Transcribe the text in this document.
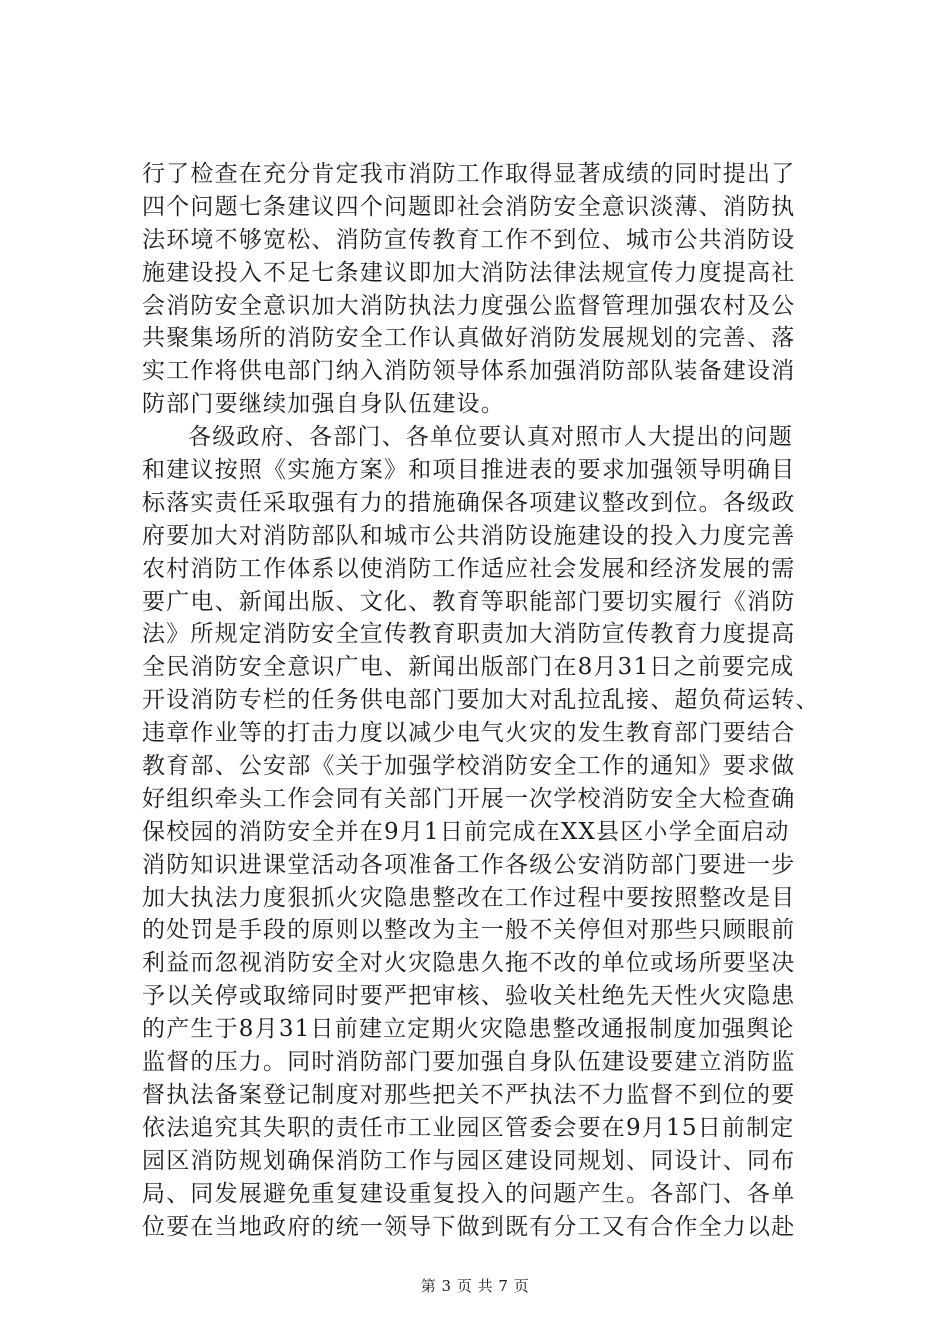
行了检查在充分肯定我市消防工作取得显著成绩的同时提出了
四个问题七条建议四个问题即社会消防安全意识淡薄、消防执
法环境不够宽松、消防宣传教育工作不到位、城市公共消防设
施建设投入不足七条建议即加大消防法律法规宣传力度提高社
会消防安全意识加大消防执法力度强公监督管理加强农村及公
共聚集场所的消防安全工作认真做好消防发展规划的完善、落
实工作将供电部门纳入消防领导体系加强消防部队装备建设消
防部门要继续加强自身队伍建设。
各级政府、各部门、各单位要认真对照市人大提出的问题
和建议按照《实施方案》和项目推进表的要求加强领导明确目
标落实责任采取强有力的措施确保各项建议整改到位。各级政
府要加大对消防部队和城市公共消防设施建设的投入力度完善
农村消防工作体系以使消防工作适应社会发展和经济发展的需
要广电、新闻出版、文化、教育等职能部门要切实履行《消防
法》所规定消防安全宣传教育职责加大消防宣传教育力度提高
全民消防安全意识广电、新闻出版部门在8月31日之前要完成
开设消防专栏的任务供电部门要加大对乱拉乱接、超负荷运转、
违章作业等的打击力度以减少电气火灾的发生教育部门要结合
教育部、公安部《关于加强学校消防安全工作的通知》要求做
好组织牵头工作会同有关部门开展一次学校消防安全大检查确
保校园的消防安全并在9月1日前完成在XX县区小学全面启动
消防知识进课堂活动各项准备工作各级公安消防部门要进一步
加大执法力度狠抓火灾隐患整改在工作过程中要按照整改是目
的处罚是手段的原则以整改为主一般不关停但对那些只顾眼前
利益而忽视消防安全对火灾隐患久拖不改的单位或场所要坚决
予以关停或取缔同时要严把审核、验收关杜绝先天性火灾隐患
的产生于8月31日前建立定期火灾隐患整改通报制度加强舆论
监督的压力。同时消防部门要加强自身队伍建设要建立消防监
督执法备案登记制度对那些把关不严执法不力监督不到位的要
依法追究其失职的责任市工业园区管委会要在9月15日前制定
园区消防规划确保消防工作与园区建设同规划、同设计、同布
局、同发展避免重复建设重复投入的问题产生。各部门、各单
位要在当地政府的统一领导下做到既有分工又有合作全力以赴
第 3 页 共 7 页
